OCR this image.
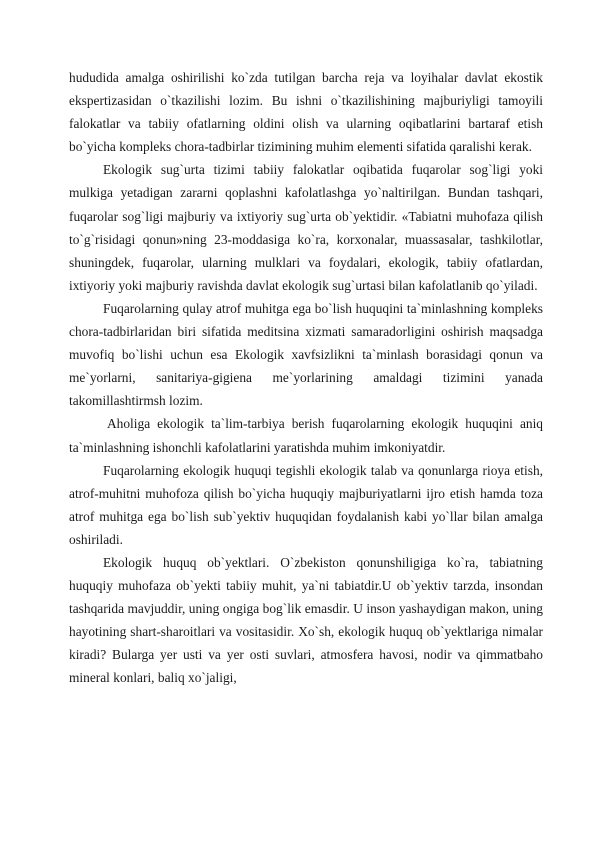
hududida amalga oshirilishi ko`zda tutilgan barcha reja va loyihalar davlat ekostik ekspertizasidan o`tkazilishi lozim. Bu ishni o`tkazilishining majburiyligi tamoyili falokatlar va tabiiy ofatlarning oldini olish va ularning oqibatlarini bartaraf etish bo`yicha kompleks chora-tadbirlar tizimining muhim elementi sifatida qaralishi kerak.

Ekologik sug`urta tizimi tabiiy falokatlar oqibatida fuqarolar sog`ligi yoki mulkiga yetadigan zararni qoplashni kafolatlashga yo`naltirilgan. Bundan tashqari, fuqarolar sog`ligi majburiy va ixtiyoriy sug`urta ob`yektidir. «Tabiatni muhofaza qilish to`g`risidagi qonun»ning 23-moddasiga ko`ra, korxonalar, muassasalar, tashkilotlar, shuningdek, fuqarolar, ularning mulklari va foydalari, ekologik, tabiiy ofatlardan, ixtiyoriy yoki majburiy ravishda davlat ekologik sug`urtasi bilan kafolatlanib qo`yiladi.

Fuqarolarning qulay atrof muhitga ega bo`lish huquqini ta`minlashning kompleks chora-tadbirlaridan biri sifatida meditsina xizmati samaradorligini oshirish maqsadga muvofiq bo`lishi uchun esa Ekologik xavfsizlikni ta`minlash borasidagi qonun va me`yorlarni, sanitariya-gigiena me`yorlarining amaldagi tizimini yanada takomillashtirmsh lozim.

Aholiga ekologik ta`lim-tarbiya berish fuqarolarning ekologik huquqini aniq ta`minlashning ishonchli kafolatlarini yaratishda muhim imkoniyatdir.

Fuqarolarning ekologik huquqi tegishli ekologik talab va qonunlarga rioya etish, atrof-muhitni muhofoza qilish bo`yicha huquqiy majburiyatlarni ijro etish hamda toza atrof muhitga ega bo`lish sub`yektiv huquqidan foydalanish kabi yo`llar bilan amalga oshiriladi.

Ekologik huquq ob`yektlari. O`zbekiston qonunshiligiga ko`ra, tabiatning huquqiy muhofaza ob`yekti tabiiy muhit, ya`ni tabiatdir.U ob`yektiv tarzda, insondan tashqarida mavjuddir, uning ongiga bog`lik emasdir. U inson yashaydigan makon, uning hayotining shart-sharoitlari va vositasidir. Xo`sh, ekologik huquq ob`yektlariga nimalar kiradi? Bularga yer usti va yer osti suvlari, atmosfera havosi, nodir va qimmatbaho mineral konlari, baliq xo`jaligi,
